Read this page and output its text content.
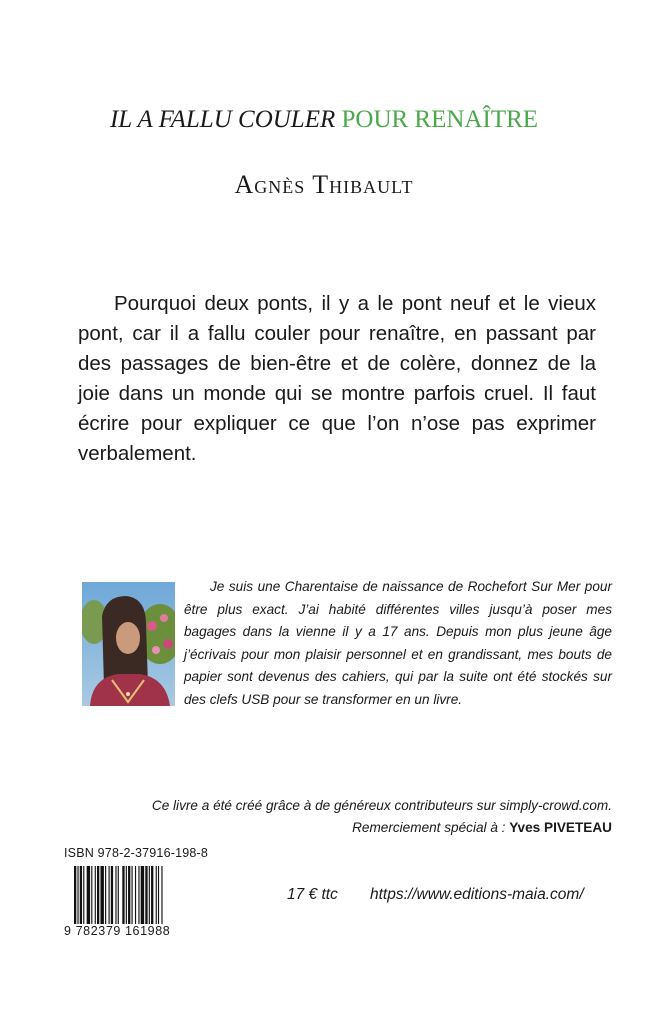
IL A FALLU COULER POUR RENAÎTRE
Agnès Thibault
Pourquoi deux ponts, il y a le pont neuf et le vieux pont, car il a fallu couler pour renaître, en passant par des passages de bien-être et de colère, donnez de la joie dans un monde qui se montre parfois cruel. Il faut écrire pour expliquer ce que l’on n’ose pas exprimer verbalement.
Je suis une Charentaise de naissance de Rochefort Sur Mer pour être plus exact. J’ai habité différentes villes jusqu’à poser mes bagages dans la vienne il y a 17 ans. Depuis mon plus jeune âge j’écrivais pour mon plaisir personnel et en grandissant, mes bouts de papier sont devenus des cahiers, qui par la suite ont été stockés sur des clefs USB pour se transformer en un livre.
Ce livre a été créé grâce à de généreux contributeurs sur simply-crowd.com.
Remerciement spécial à : Yves PIVETEAU
ISBN 978-2-37916-198-8
9 782379 161988
17 € ttc https://www.editions-maia.com/
